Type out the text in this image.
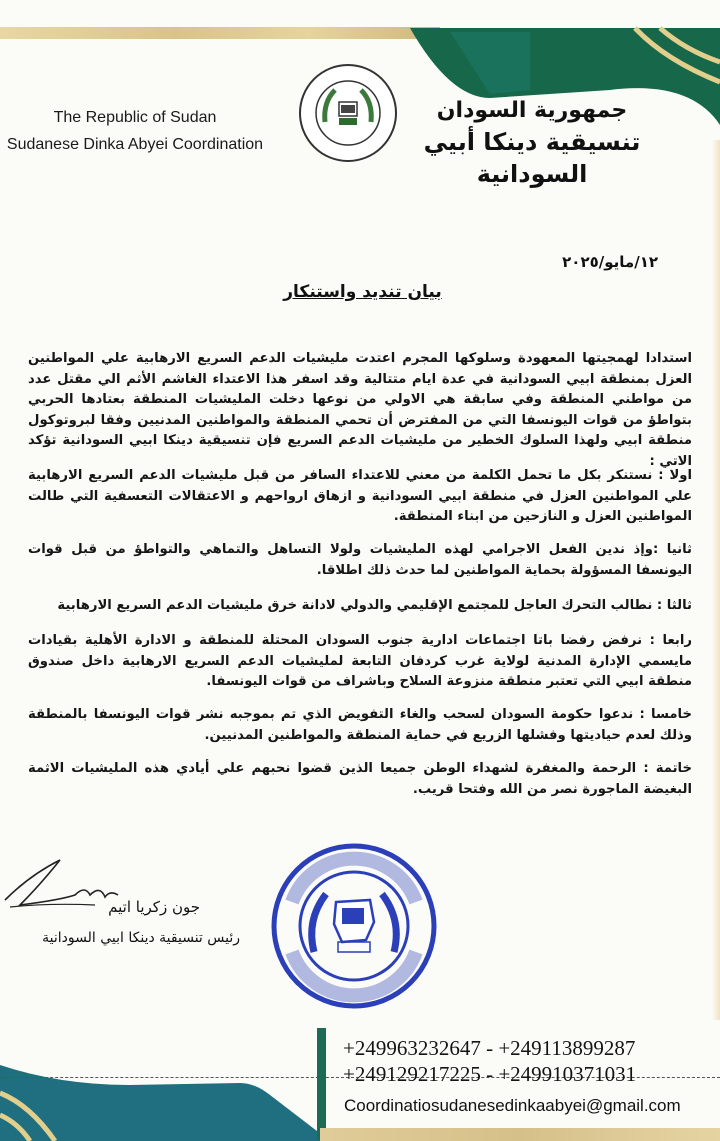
The Republic of Sudan
Sudanese Dinka Abyei Coordination
جمهورية السودان
تنسيقية دينكا أبيي السودانية
١٢/مايو/٢٠٢٥
بيان تنديد واستنكار
استدادا لهمجيتها المعهودة وسلوكها المجرم اعتدت مليشيات الدعم السريع الارهابية علي المواطنين العزل بمنطقة ابيي السودانية في عدة ايام متتالية وقد اسفر هذا الاعتداء الغاشم الأثم الي مقتل عدد من مواطني المنطقة وفي سابقة هي الاولي من نوعها دخلت المليشيات المنطقة بعتادها الحربي بتواطؤ من قوات اليونسفا التي من المفترض أن تحمي المنطقة والمواطنين المدنيين وفقا لبروتوكول منطقة ابيي ولهذا السلوك الخطير من مليشيات الدعم السريع فإن تنسيقية دينكا ابيي السودانية تؤكد الاتي :
اولا : نستنكر بكل ما تحمل الكلمة من معني للاعتداء السافر من قبل مليشيات الدعم السريع الارهابية علي المواطنين العزل في منطقة ابيي السودانية و ازهاق ارواحهم و الاعتقالات التعسفية التي طالت المواطنين العزل و النازحين من ابناء المنطقة.
ثانيا :وإذ ندين الفعل الاجرامي لهذه المليشيات ولولا التساهل والتماهي والتواطؤ من قبل قوات اليونسفا المسؤولة بحماية المواطنين لما حدث ذلك اطلاقا.
ثالثا : نطالب التحرك العاجل للمجتمع الإقليمي والدولي لادانة خرق مليشيات الدعم السريع الارهابية
رابعا : نرفض رفضا باتا اجتماعات ادارية جنوب السودان المحتلة للمنطقة و الادارة الأهلية بقيادات مايسمي الإدارة المدنية لولاية غرب كردفان التابعة لمليشيات الدعم السريع الارهابية داخل صندوق منطقة ابيي التي تعتبر منطقة منزوعة السلاح وباشراف من قوات اليونسفا.
خامسا : ندعوا حكومة السودان لسحب والغاء التفويض الذي تم بموجبه نشر قوات اليونسفا بالمنطقة وذلك لعدم حياديتها وفشلها الزريع في حماية المنطقة والمواطنين المدنيين.
خاتمة : الرحمة والمغفرة لشهداء الوطن جميعا الذين قضوا نحبهم علي أيادي هذه المليشيات الاثمة البغيضة الماجورة نصر من الله وفتحا قريب.
جون زكريا اتيم
رئيس تنسيقية دينكا ابيي السودانية
+249963232647 - +249113899287
+249129217225 - +249910371031
Coordinatiosudanesedinkaabyei@gmail.com
